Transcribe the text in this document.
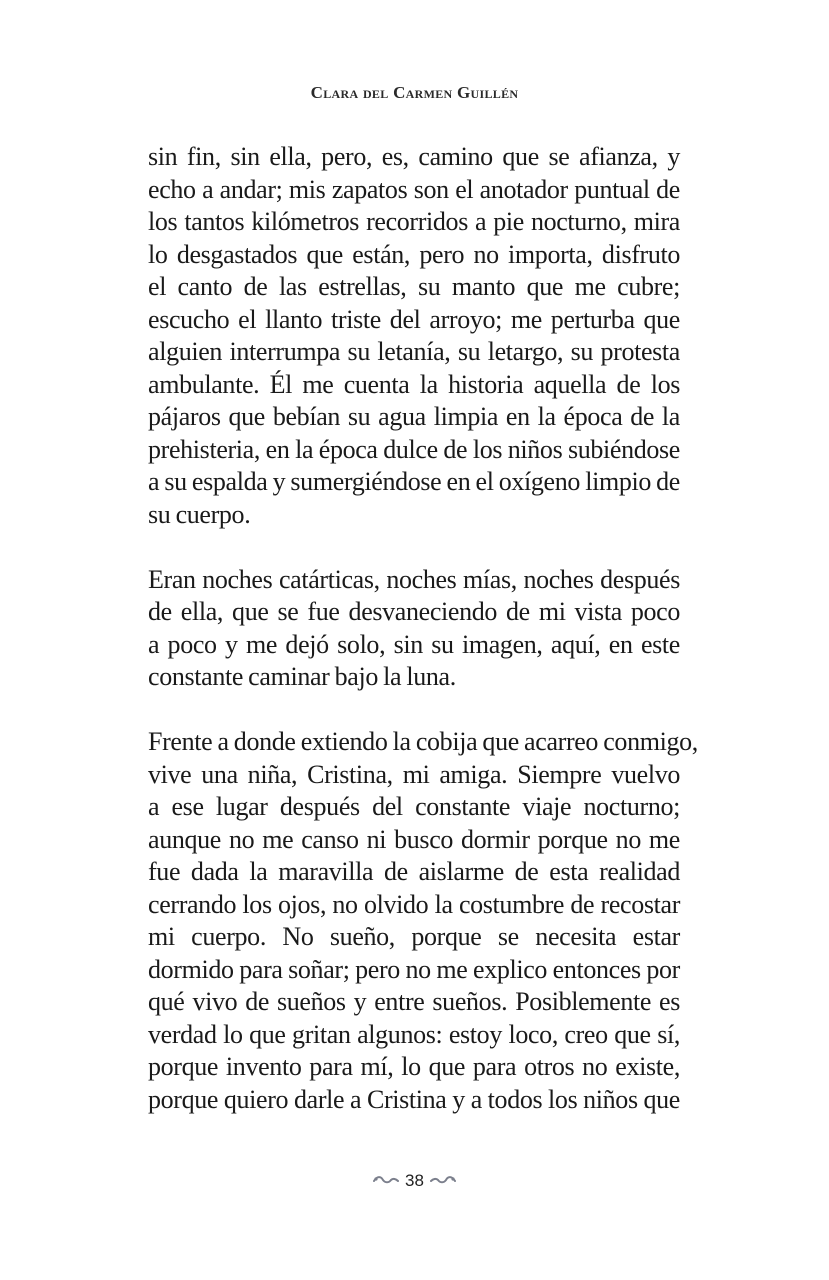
Clara del Carmen Guillén
sin fin, sin ella, pero, es, camino que se afianza, y
echo a andar; mis zapatos son el anotador puntual de
los tantos kilómetros recorridos a pie nocturno, mira
lo desgastados que están, pero no importa, disfruto
el canto de las estrellas, su manto que me cubre;
escucho el llanto triste del arroyo; me perturba que
alguien interrumpa su letanía, su letargo, su protesta
ambulante. Él me cuenta la historia aquella de los
pájaros que bebían su agua limpia en la época de la
prehisteria, en la época dulce de los niños subiéndose
a su espalda y sumergiéndose en el oxígeno limpio de
su cuerpo.
Eran noches catárticas, noches mías, noches después
de ella, que se fue desvaneciendo de mi vista poco
a poco y me dejó solo, sin su imagen, aquí, en este
constante caminar bajo la luna.
Frente a donde extiendo la cobija que acarreo conmigo,
vive una niña, Cristina, mi amiga. Siempre vuelvo
a ese lugar después del constante viaje nocturno;
aunque no me canso ni busco dormir porque no me
fue dada la maravilla de aislarme de esta realidad
cerrando los ojos, no olvido la costumbre de recostar
mi cuerpo. No sueño, porque se necesita estar
dormido para soñar; pero no me explico entonces por
qué vivo de sueños y entre sueños. Posiblemente es
verdad lo que gritan algunos: estoy loco, creo que sí,
porque invento para mí, lo que para otros no existe,
porque quiero darle a Cristina y a todos los niños que
38
